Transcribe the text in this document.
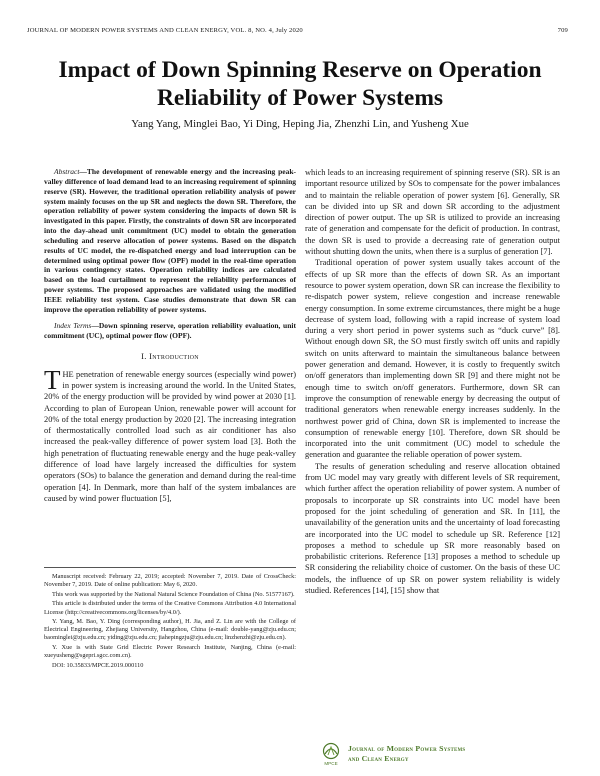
JOURNAL OF MODERN POWER SYSTEMS AND CLEAN ENERGY, VOL. 8, NO. 4, July 2020	709
Impact of Down Spinning Reserve on Operation Reliability of Power Systems
Yang Yang, Minglei Bao, Yi Ding, Heping Jia, Zhenzhi Lin, and Yusheng Xue

Abstract—The development of renewable energy and the increasing peak-valley difference of load demand lead to an increasing requirement of spinning reserve (SR). However, the traditional operation reliability analysis of power system mainly focuses on the up SR and neglects the down SR. Therefore, the operation reliability of power system considering the impacts of down SR is investigated in this paper. Firstly, the constraints of down SR are incorporated into the day-ahead unit commitment (UC) model to obtain the generation scheduling and reserve allocation of power systems. Based on the dispatch results of UC model, the re-dispatched energy and load interruption can be determined using optimal power flow (OPF) model in the real-time operation in various contingency states. Operation reliability indices are calculated based on the load curtailment to represent the reliability performances of power systems. The proposed approaches are validated using the modified IEEE reliability test system. Case studies demonstrate that down SR can improve the operation reliability of power systems.

Index Terms—Down spinning reserve, operation reliability evaluation, unit commitment (UC), optimal power flow (OPF).

I. Introduction

THE penetration of renewable energy sources (especially wind power) in power system is increasing around the world. In the United States, 20% of the energy production will be provided by wind power at 2030 [1]. According to plan of European Union, renewable power will account for 20% of the total energy production by 2020 [2]. The increasing integration of thermostatically controlled load such as air conditioner has also increased the peak-valley difference of power system load [3]. Both the high penetration of fluctuating renewable energy and the huge peak-valley difference of load have largely increased the difficulties for system operators (SOs) to balance the generation and demand during the real-time operation [4]. In Denmark, more than half of the system imbalances are caused by wind power fluctuation [5],

Manuscript received: February 22, 2019; accepted: November 7, 2019. Date of CrossCheck: November 7, 2019. Date of online publication: May 6, 2020.

This work was supported by the National Natural Science Foundation of China (No. 51577167).

This article is distributed under the terms of the Creative Commons Attribution 4.0 International License (http://creativecommons.org/licenses/by/4.0/).

Y. Yang, M. Bao, Y. Ding (corresponding author), H. Jia, and Z. Lin are with the College of Electrical Engineering, Zhejiang University, Hangzhou, China (e-mail: double-yang@zju.edu.cn; baominglei@zju.edu.cn; yiding@zju.edu.cn; jiahepingzju@zju.edu.cn; linzhenzhi@zju.edu.cn).

Y. Xue is with State Grid Electric Power Research Institute, Nanjing, China (e-mail: xueyusheng@sgepri.sgcc.com.cn).

DOI: 10.35833/MPCE.2019.000110

which leads to an increasing requirement of spinning reserve (SR). SR is an important resource utilized by SOs to compensate for the power imbalances and to maintain the reliable operation of power system [6]. Generally, SR can be divided into up SR and down SR according to the adjustment direction of power output. The up SR is utilized to provide an increasing rate of generation and compensate for the deficit of production. In contrast, the down SR is used to provide a decreasing rate of generation output without shutting down the units, when there is a surplus of generation [7].

Traditional operation of power system usually takes account of the effects of up SR more than the effects of down SR. As an important resource to power system operation, down SR can increase the flexibility to re-dispatch power system, relieve congestion and increase renewable energy consumption. In some extreme circumstances, there might be a huge decrease of system load, following with a rapid increase of system load during a very short period in power systems such as “duck curve” [8]. Without enough down SR, the SO must firstly switch off units and rapidly switch on units afterward to maintain the simultaneous balance between power generation and demand. However, it is costly to frequently switch on/off generators than implementing down SR [9] and there might not be enough time to switch on/off generators. Furthermore, down SR can improve the consumption of renewable energy by decreasing the output of traditional generators when renewable energy increases suddenly. In the northwest power grid of China, down SR is implemented to increase the consumption of renewable energy [10]. Therefore, down SR should be incorporated into the unit commitment (UC) model to schedule the generation and guarantee the reliable operation of power system.

The results of generation scheduling and reserve allocation obtained from UC model may vary greatly with different levels of SR requirement, which further affect the operation reliability of power system. A number of proposals to incorporate up SR constraints into UC model have been proposed for the joint scheduling of generation and SR. In [11], the unavailability of the generation units and the uncertainty of load forecasting are incorporated into the UC model to schedule up SR. Reference [12] proposes a method to schedule up SR more reasonably based on probabilistic criterions. Reference [13] proposes a method to schedule up SR considering the reliability choice of customer. On the basis of these UC models, the influence of up SR on power system reliability is widely studied. References [14], [15] show that

MPCE
Journal of Modern Power Systems
and Clean Energy
